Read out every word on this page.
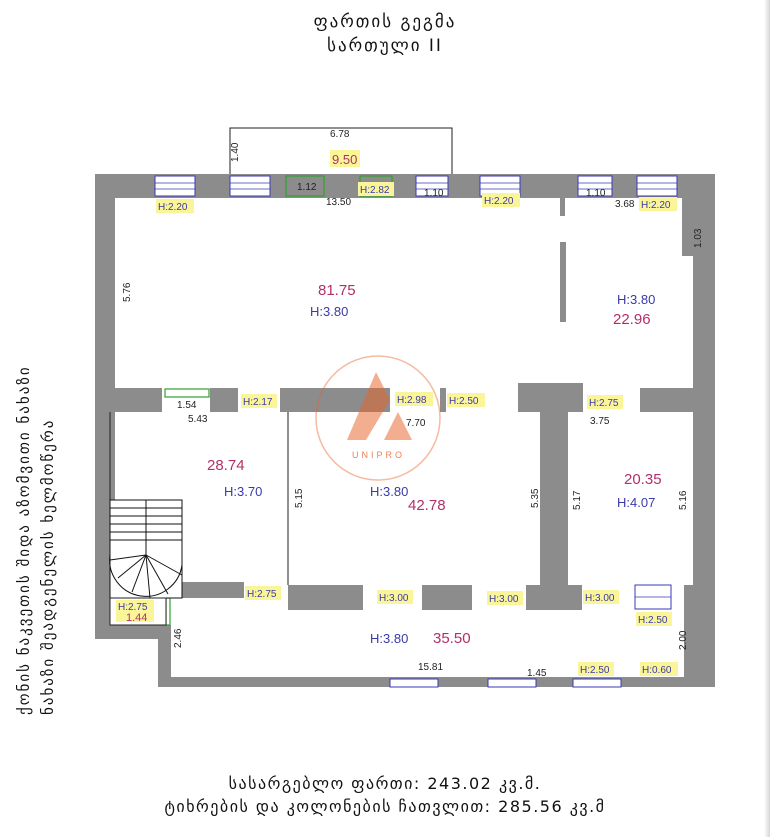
ფართის გეგმა
სართული II
ქონის ნაკვეთის შიდა აზომვითი ნახაზი ნახაზი შეადგენელის ხელმოწერა
6.78
1.40
13.50
1.12
1.10	1.10
3.68
1.03
5.76
1.54
5.43	7.70	3.75
5.15	5.35	5.17	5.16
2.46	2.00
15.81
1.45
H:2.20
H:2.20	H:2.20
H:2.17	H:2.98 H:2.50	H:2.75
H:2.75	H:3.00	H:3.00	H:3.00
H:2.50
H:2.50	H:0.60
9.50
H:2.82
81.75
H:3.80
H:3.80
22.96
28.74
H:3.70	H:3.80
42.78
20.35
H:4.07
H:3.80 35.50
H:2.75
1.44
UNIPRO
სასარგებლო ფართი: 243.02 კვ.მ.
ტიხრების და კოლონების ჩათვლით: 285.56 კვ.მ
